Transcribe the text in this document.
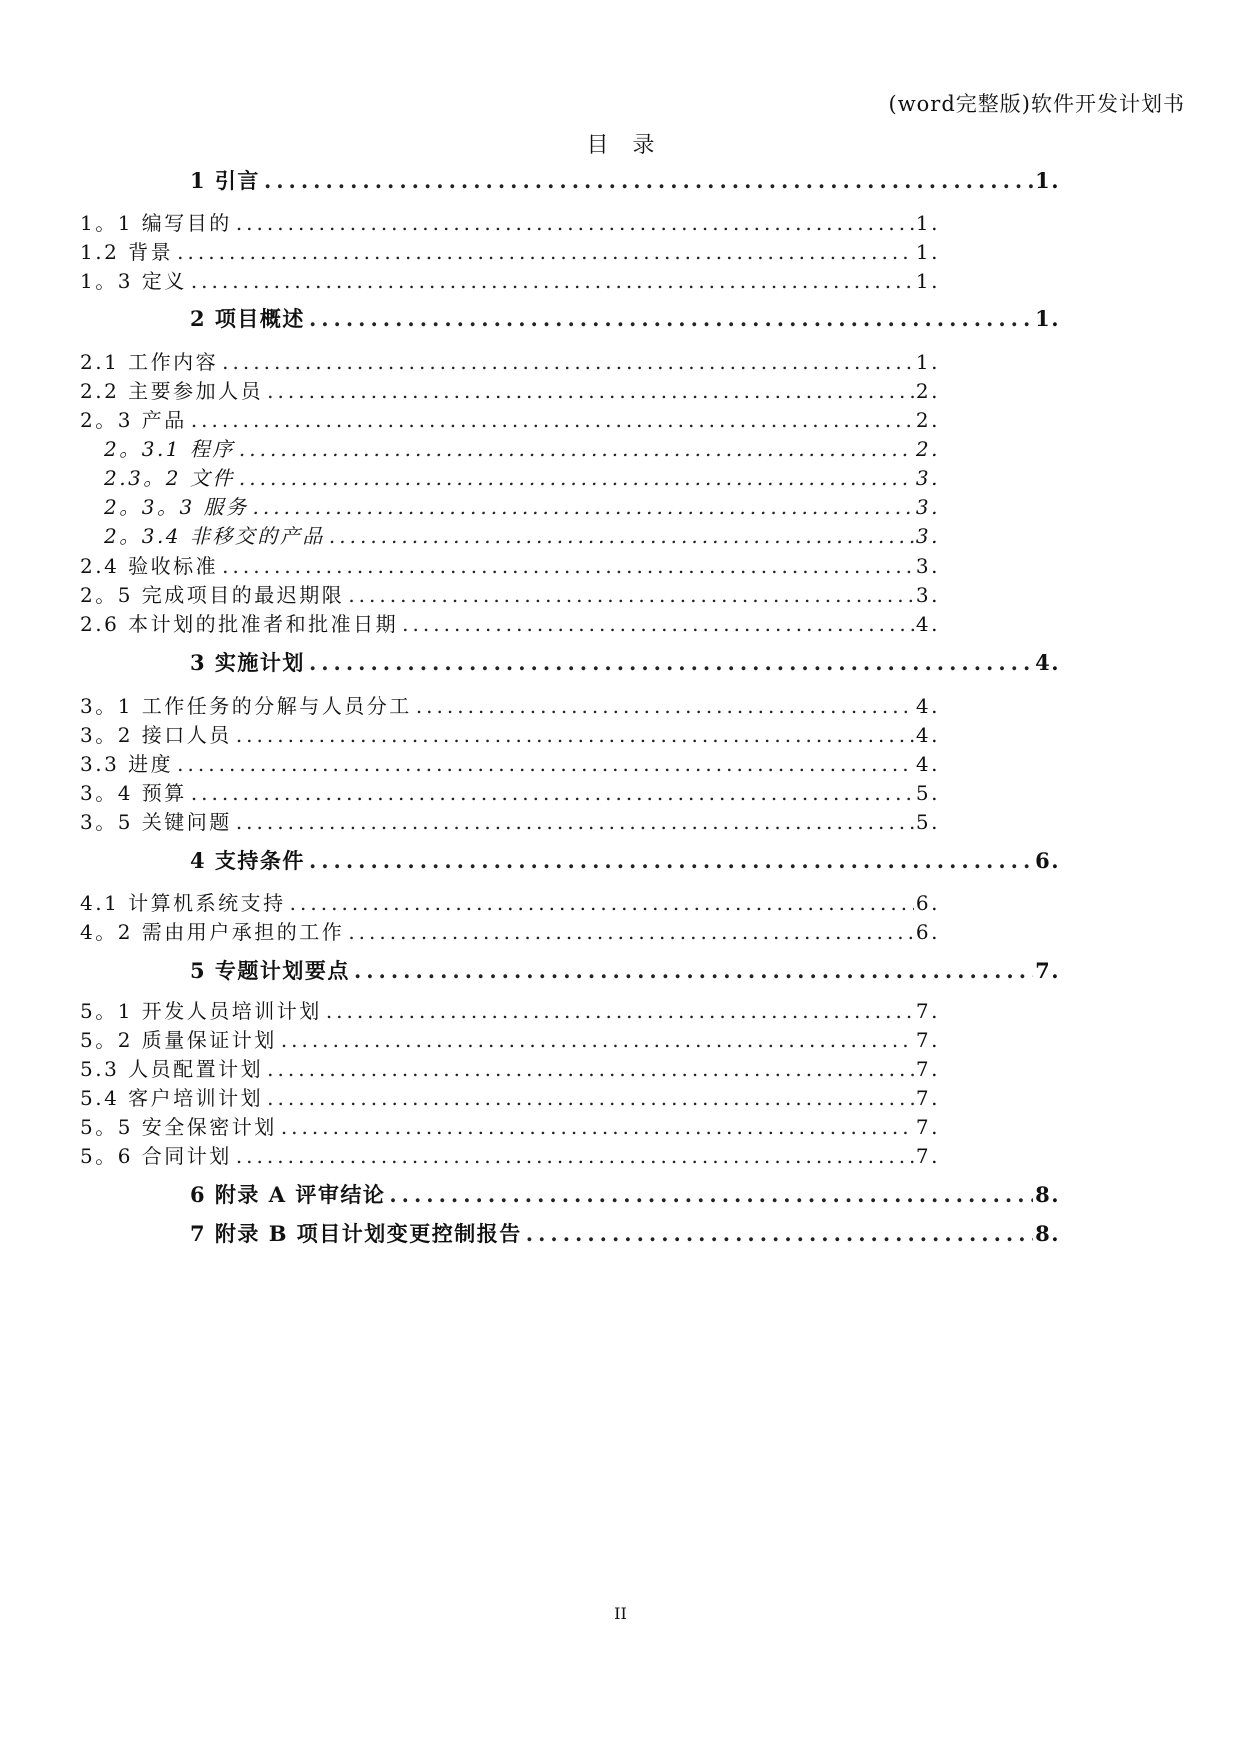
(word完整版)软件开发计划书
目录
1 引言 .....	1 .
1。1 编写目的 .....	1 .
1.2 背景 .....	1 .
1。3 定义 .....	1 .
2 项目概述 .....	1 .
2.1 工作内容 .....	1 .
2.2 主要参加人员 .....	2 .
2。3 产品 .....	2 .
2。3.1 程序 .....	2 .
2.3。2 文件 .....	3 .
2。3。3 服务 .....	3 .
2。3.4 非移交的产品 .....	3 .
2.4 验收标准 .....	3 .
2。5 完成项目的最迟期限 .....	3 .
2.6 本计划的批准者和批准日期 .....	4 .
3 实施计划 .....	4 .
3。1 工作任务的分解与人员分工 .....	4 .
3。2 接口人员 .....	4 .
3.3 进度 .....	4 .
3。4 预算 .....	5 .
3。5 关键问题 .....	5 .
4 支持条件 .....	6 .
4.1 计算机系统支持 .....	6 .
4。2 需由用户承担的工作 .....	6 .
5 专题计划要点 .....	7 .
5。1 开发人员培训计划 .....	7 .
5。2 质量保证计划 .....	7 .
5.3 人员配置计划 .....	7 .
5.4 客户培训计划 .....	7 .
5。5 安全保密计划 .....	7 .
5。6 合同计划 .....	7 .
6 附录 A 评审结论 .....	8 .
7 附录 B 项目计划变更控制报告 .....	8 .
II
